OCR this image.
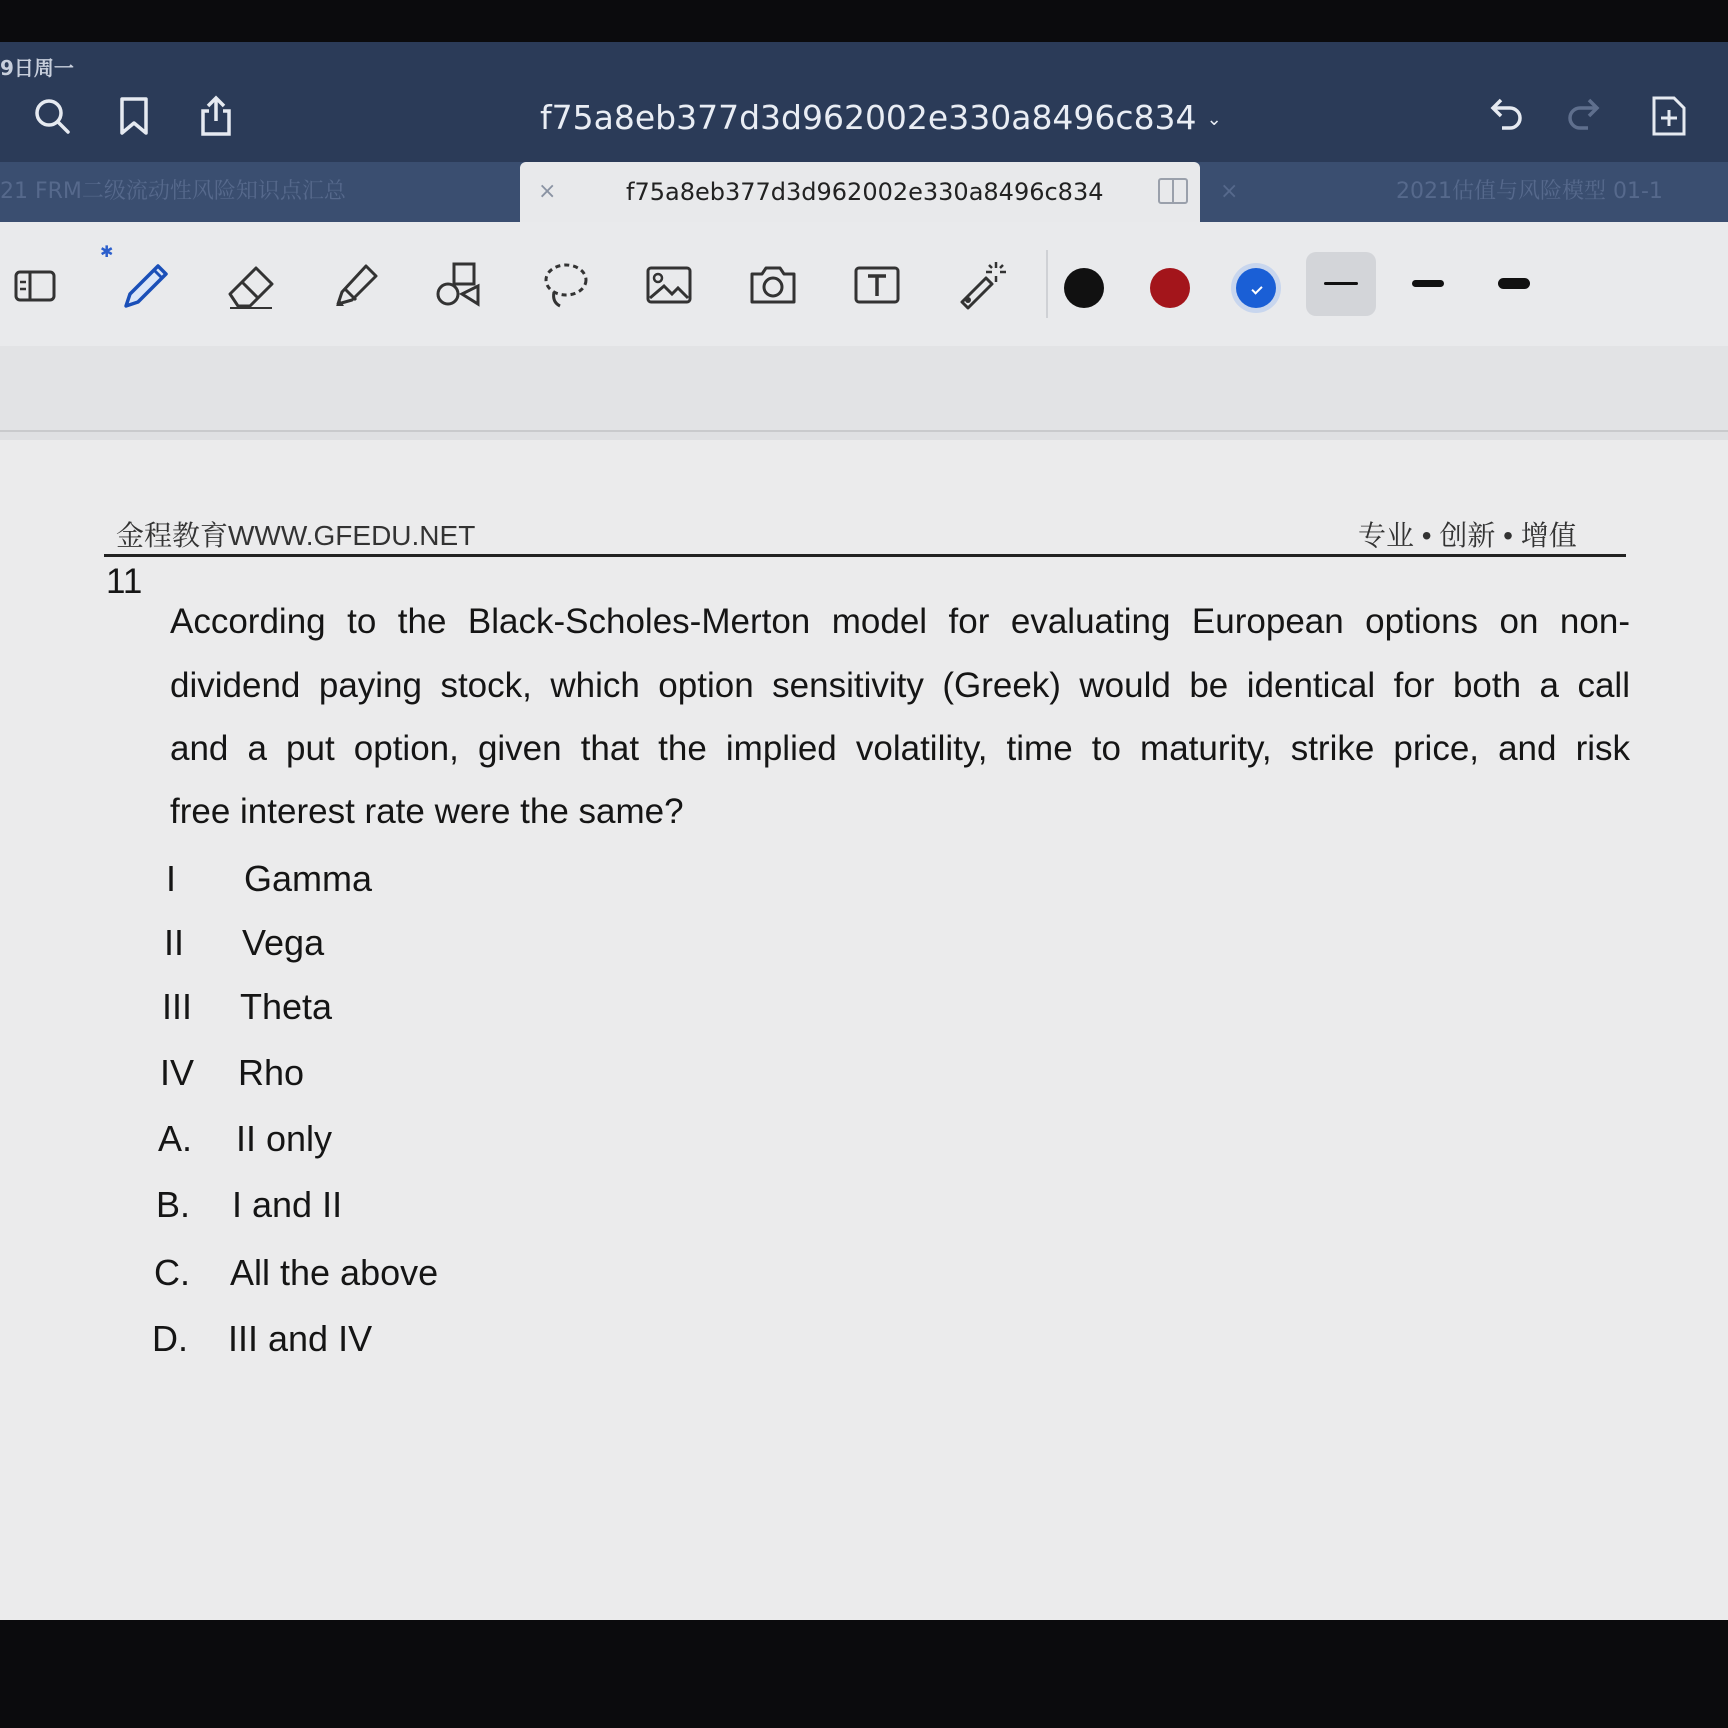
9日周一
f75a8eb377d3d962002e330a8496c834 ⌄
21 FRM二级流动性风险知识点汇总	×	f75a8eb377d3d962002e330a8496c834	×	2021估值与风险模型 01-1
✱
金程教育WWW.GFEDU.NET	专业 • 创新 • 增值
11
According to the Black-Scholes-Merton model for evaluating European options on non-
dividend paying stock, which option sensitivity (Greek) would be identical for both a call
and a put option, given that the implied volatility, time to maturity, strike price, and risk
free interest rate were the same?
I Gamma
II Vega
III Theta
IV Rho
A. II only
B. I and II
C. All the above
D. III and IV
